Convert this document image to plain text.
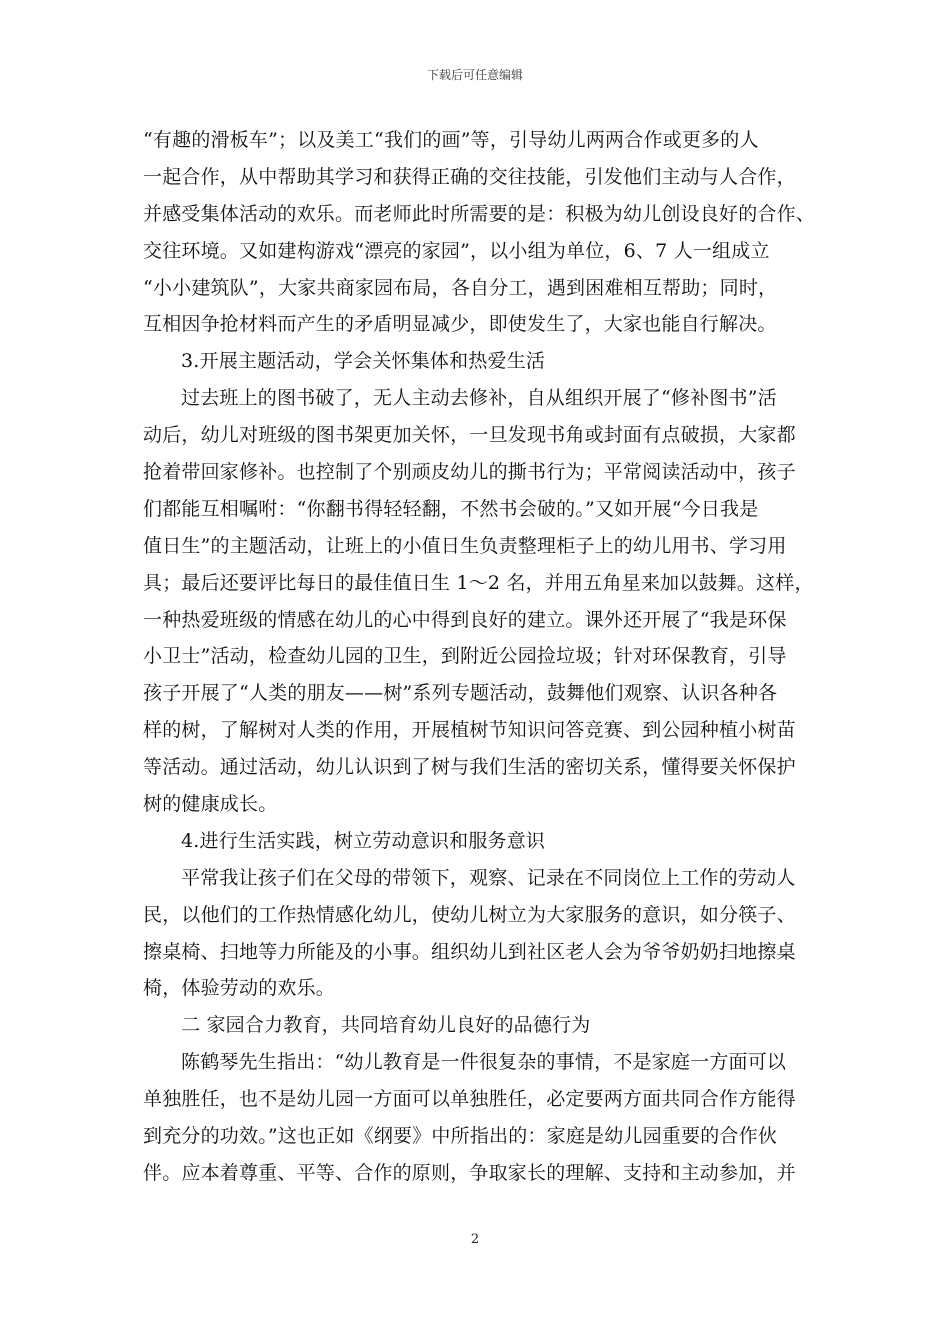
下载后可任意编辑
“有趣的滑板车”；以及美工“我们的画”等，引导幼儿两两合作或更多的人
一起合作，从中帮助其学习和获得正确的交往技能，引发他们主动与人合作，
并感受集体活动的欢乐。而老师此时所需要的是：积极为幼儿创设良好的合作、
交往环境。又如建构游戏“漂亮的家园”，以小组为单位，6、7 人一组成立
“小小建筑队”，大家共商家园布局，各自分工，遇到困难相互帮助；同时，
互相因争抢材料而产生的矛盾明显减少，即使发生了，大家也能自行解决。
3.开展主题活动，学会关怀集体和热爱生活
过去班上的图书破了，无人主动去修补，自从组织开展了“修补图书”活
动后，幼儿对班级的图书架更加关怀，一旦发现书角或封面有点破损，大家都
抢着带回家修补。也控制了个别顽皮幼儿的撕书行为；平常阅读活动中，孩子
们都能互相嘱咐：“你翻书得轻轻翻，不然书会破的。”又如开展“今日我是
值日生”的主题活动，让班上的小值日生负责整理柜子上的幼儿用书、学习用
具；最后还要评比每日的最佳值日生 1～2 名，并用五角星来加以鼓舞。这样，
一种热爱班级的情感在幼儿的心中得到良好的建立。课外还开展了“我是环保
小卫士”活动，检查幼儿园的卫生，到附近公园捡垃圾；针对环保教育，引导
孩子开展了“人类的朋友——树”系列专题活动，鼓舞他们观察、认识各种各
样的树，了解树对人类的作用，开展植树节知识问答竞赛、到公园种植小树苗
等活动。通过活动，幼儿认识到了树与我们生活的密切关系，懂得要关怀保护
树的健康成长。
4.进行生活实践，树立劳动意识和服务意识
平常我让孩子们在父母的带领下，观察、记录在不同岗位上工作的劳动人
民，以他们的工作热情感化幼儿，使幼儿树立为大家服务的意识，如分筷子、
擦桌椅、扫地等力所能及的小事。组织幼儿到社区老人会为爷爷奶奶扫地擦桌
椅，体验劳动的欢乐。
二 家园合力教育，共同培育幼儿良好的品德行为
陈鹤琴先生指出：“幼儿教育是一件很复杂的事情，不是家庭一方面可以
单独胜任，也不是幼儿园一方面可以单独胜任，必定要两方面共同合作方能得
到充分的功效。”这也正如《纲要》中所指出的：家庭是幼儿园重要的合作伙
伴。应本着尊重、平等、合作的原则，争取家长的理解、支持和主动参加，并
2
